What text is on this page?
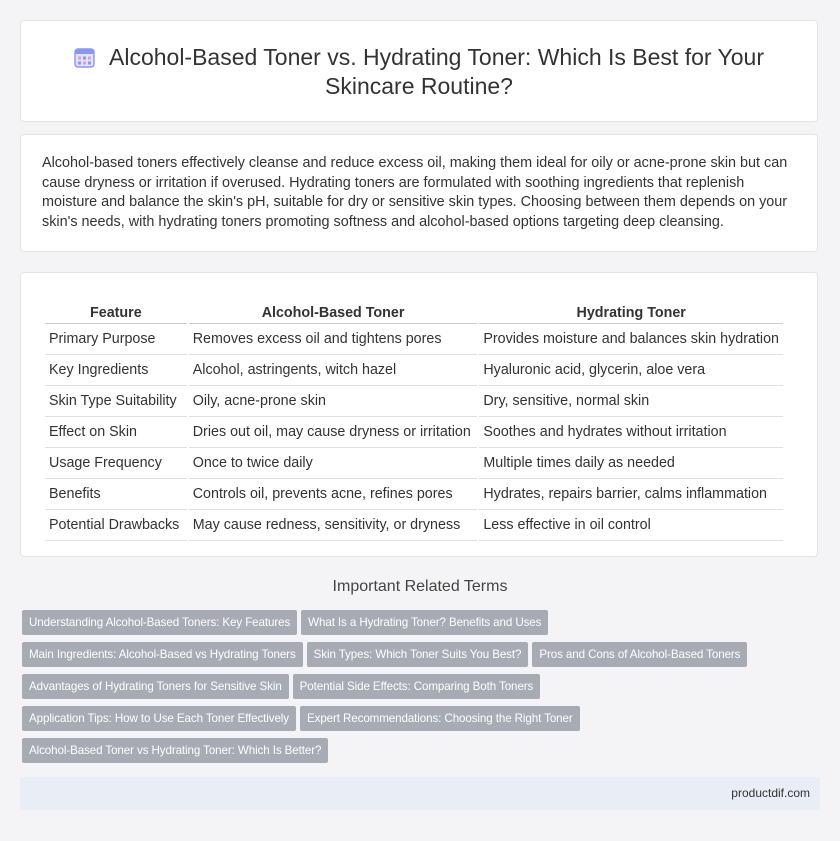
Alcohol-Based Toner vs. Hydrating Toner: Which Is Best for Your
Skincare Routine?

Alcohol-based toners effectively cleanse and reduce excess oil, making them ideal for oily or acne-prone skin but can cause dryness or irritation if overused. Hydrating toners are formulated with soothing ingredients that replenish moisture and balance the skin's pH, suitable for dry or sensitive skin types. Choosing between them depends on your skin's needs, with hydrating toners promoting softness and alcohol-based options targeting deep cleansing.

Feature	Alcohol-Based Toner	Hydrating Toner
Primary Purpose	Removes excess oil and tightens pores	Provides moisture and balances skin hydration
Key Ingredients	Alcohol, astringents, witch hazel	Hyaluronic acid, glycerin, aloe vera
Skin Type Suitability	Oily, acne-prone skin	Dry, sensitive, normal skin
Effect on Skin	Dries out oil, may cause dryness or irritation	Soothes and hydrates without irritation
Usage Frequency	Once to twice daily	Multiple times daily as needed
Benefits	Controls oil, prevents acne, refines pores	Hydrates, repairs barrier, calms inflammation
Potential Drawbacks	May cause redness, sensitivity, or dryness	Less effective in oil control
Important Related Terms
Understanding Alcohol-Based Toners: Key Features What Is a Hydrating Toner? Benefits and Uses
Main Ingredients: Alcohol-Based vs Hydrating Toners Skin Types: Which Toner Suits You Best? Pros and Cons of Alcohol-Based Toners
Advantages of Hydrating Toners for Sensitive Skin Potential Side Effects: Comparing Both Toners
Application Tips: How to Use Each Toner Effectively Expert Recommendations: Choosing the Right Toner
Alcohol-Based Toner vs Hydrating Toner: Which Is Better?
productdif.com
